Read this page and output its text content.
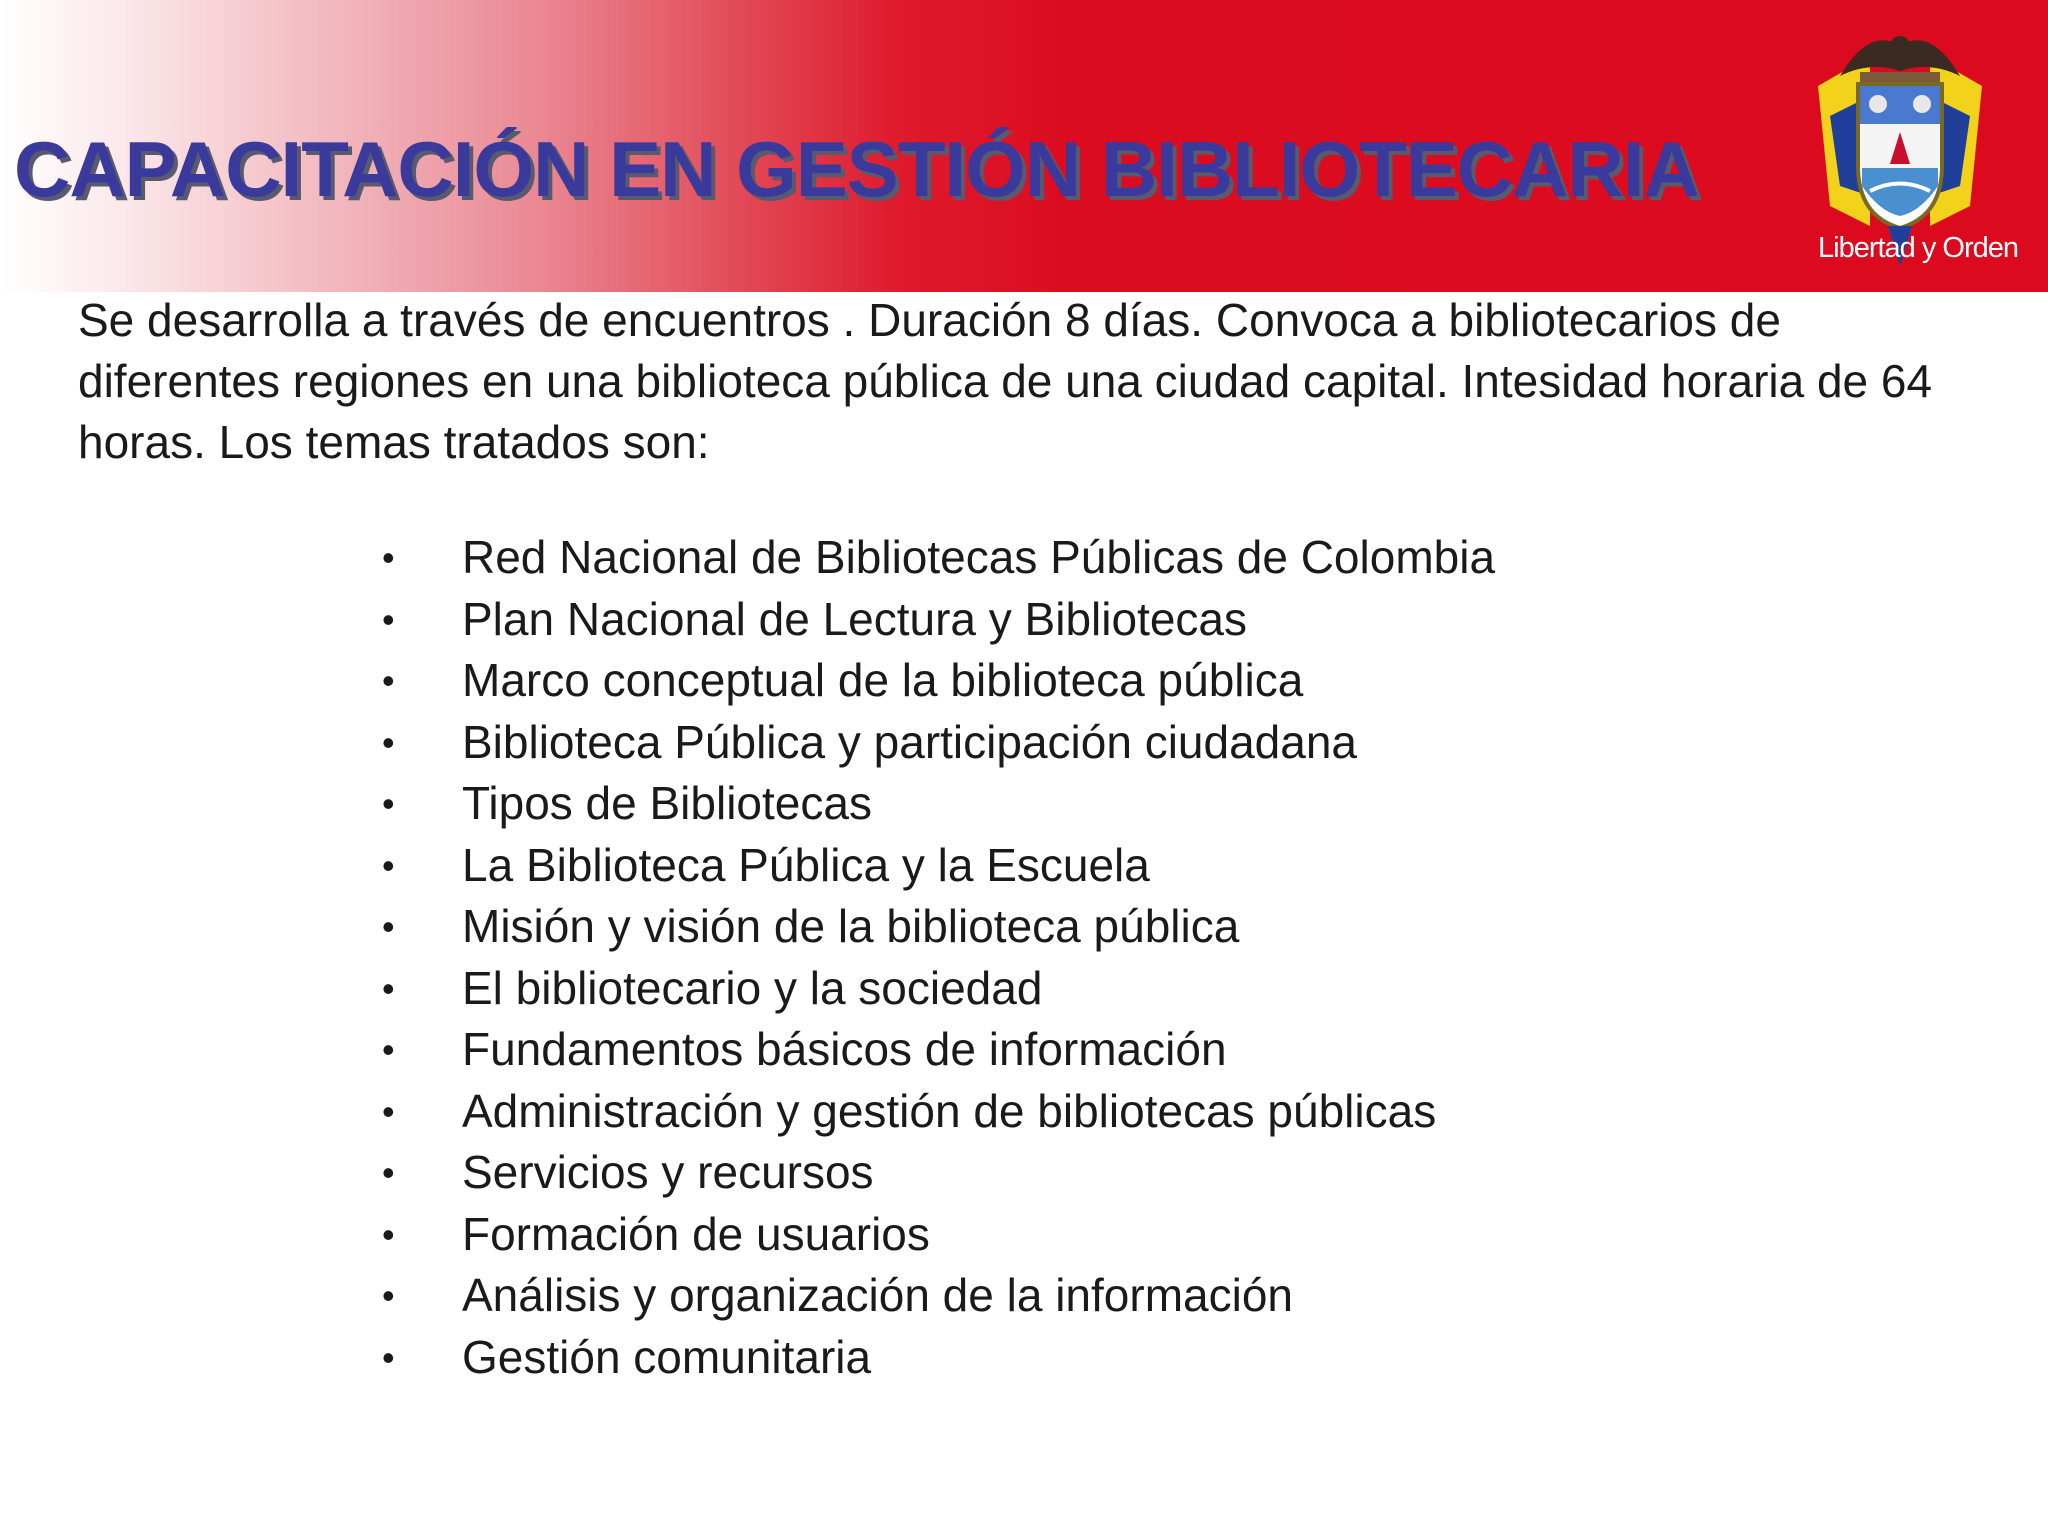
CAPACITACIÓN EN GESTIÓN BIBLIOTECARIA
Libertad y Orden

Se desarrolla a través de encuentros . Duración 8 días. Convoca a bibliotecarios de diferentes regiones en una biblioteca pública de una ciudad capital. Intesidad horaria de 64 horas. Los temas tratados son:

• Red Nacional de Bibliotecas Públicas de Colombia
• Plan Nacional de Lectura y Bibliotecas
• Marco conceptual de la biblioteca pública
• Biblioteca Pública y participación ciudadana
• Tipos de Bibliotecas
• La Biblioteca Pública y la Escuela
• Misión y visión de la biblioteca pública
• El bibliotecario y la sociedad
• Fundamentos básicos de información
• Administración y gestión de bibliotecas públicas
• Servicios y recursos
• Formación de usuarios
• Análisis y organización de la información
• Gestión comunitaria
